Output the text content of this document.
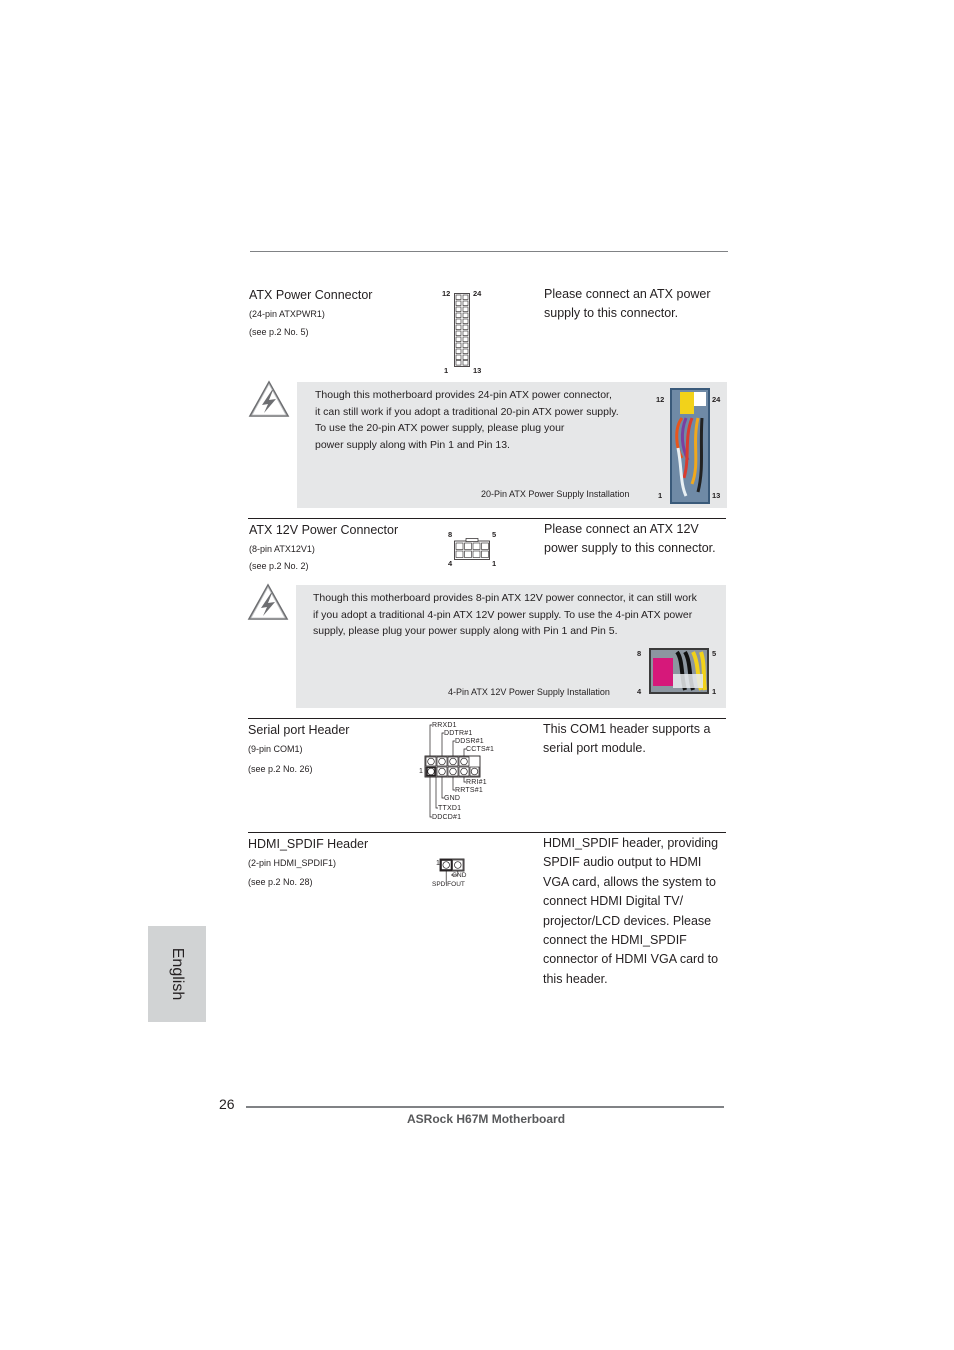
ATX Power Connector
(24-pin ATXPWR1)
(see p.2 No. 5)
Please connect an ATX power supply to this connector.
12	24
1	13
Though this motherboard provides 24-pin ATX power connector,
it can still work if you adopt a traditional 20-pin ATX power supply.
To use the 20-pin ATX power supply, please plug your
power supply along with Pin 1 and Pin 13.
20-Pin ATX Power Supply Installation
12	24
1	13
ATX 12V Power Connector
(8-pin ATX12V1)
(see p.2 No. 2)
Please connect an ATX 12V power supply to this connector.
8	5
4	1
Though this motherboard provides 8-pin ATX 12V power connector, it can still work
if you adopt a traditional 4-pin ATX 12V power supply. To use the 4-pin ATX power
supply, please plug your power supply along with Pin 1 and Pin 5.
4-Pin ATX 12V Power Supply Installation
8	5
4	1
Serial port Header
(9-pin COM1)
(see p.2 No. 26)
This COM1 header supports a serial port module.
1
RRXD1
DDTR#1
DDSR#1
CCTS#1
RRI#1
RRTS#1
GND
TTXD1
DDCD#1
HDMI_SPDIF Header
(2-pin HDMI_SPDIF1)
(see p.2 No. 28)
HDMI_SPDIF header, providing SPDIF audio output to HDMI VGA card, allows the system to connect HDMI Digital TV/ projector/LCD devices. Please connect the HDMI_SPDIF connector of HDMI VGA card to this header.
1
GND
SPDIFOUT
English
26
ASRock H67M Motherboard
